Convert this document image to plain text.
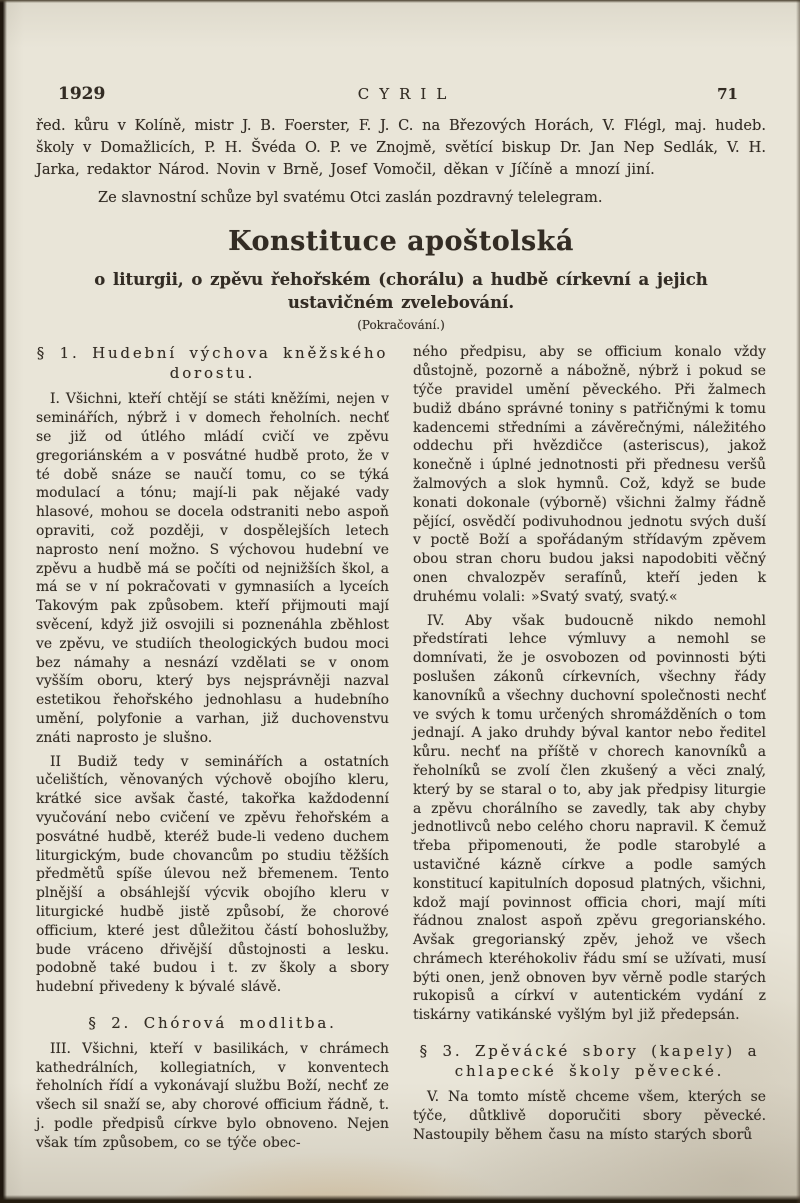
1929	CYRIL	71
řed. kůru v Kolíně, mistr J. B. Foerster, F. J. C. na Březových Horách, V. Flégl, maj. hudeb. školy v Domažlicích, P. H. Švéda O. P. ve Znojmě, světící biskup Dr. Jan Nep Sedlák, V. H. Jarka, redaktor Národ. Novin v Brně, Josef Vomočil, děkan v Jíčíně a mnozí jiní.
Ze slavnostní schůze byl svatému Otci zaslán pozdravný telelegram.
Konstituce apoštolská
o liturgii, o zpěvu řehořském (chorálu) a hudbě církevní a jejich
ustavičném zvelebování.
(Pokračování.)
§ 1. Hudební výchova kněžského
dorostu.

I. Všichni, kteří chtějí se státi kněžími, nejen v seminářích, nýbrž i v domech řeholních. nechť se již od útlého mládí cvičí ve zpěvu gregoriánském a v posvátné hudbě proto, že v té době snáze se naučí tomu, co se týká modulací a tónu; mají-li pak nějaké vady hlasové, mohou se docela odstraniti nebo aspoň opraviti, což později, v dospělejších letech naprosto není možno. S výchovou hudební ve zpěvu a hudbě má se počíti od nejnižších škol, a má se v ní pokračovati v gymnasiích a lyceích Takovým pak způsobem. kteří přijmouti mají svěcení, když již osvojili si poznenáhla zběhlost ve zpěvu, ve studiích theologických budou moci bez námahy a nesnází vzdělati se v onom vyšším oboru, který bys nejsprávněji nazval estetikou řehořského jednohlasu a hudebního umění, polyfonie a varhan, již duchovenstvu znáti naprosto je slušno.

II Budiž tedy v seminářích a ostatních učelištích, věnovaných výchově obojího kleru, krátké sice avšak časté, takořka každodenní vyučování nebo cvičení ve zpěvu řehořském a posvátné hudbě, kteréž bude-li vedeno duchem liturgickým, bude chovancům po studiu těžších předmětů spíše úlevou než břemenem. Tento plnější a obsáhlejší výcvik obojího kleru v liturgické hudbě jistě způsobí, že chorové officium, které jest důležitou částí bohoslužby, bude vráceno dřivější důstojnosti a lesku. podobně také budou i t. zv školy a sbory hudební přivedeny k bývalé slávě.

§ 2. Chórová modlitba.

III. Všichni, kteří v basilikách, v chrámech kathedrálních, kollegiatních, v konventech řeholních řídí a vykonávají službu Boží, nechť ze všech sil snaží se, aby chorové officium řádně, t. j. podle předpisů církve bylo obnoveno. Nejen však tím způsobem, co se týče obec-

ného předpisu, aby se officium konalo vždy důstojně, pozorně a nábožně, nýbrž i pokud se týče pravidel umění pěveckého. Při žalmech budiž dbáno správné toniny s patřičnými k tomu kadencemi středními a závěrečnými, náležitého oddechu při hvězdičce (asteriscus), jakož konečně i úplné jednotnosti při přednesu veršů žalmových a slok hymnů. Což, když se bude konati dokonale (výborně) všichni žalmy řádně pějící, osvědčí podivuhodnou jednotu svých duší v poctě Boží a spořádaným střídavým zpěvem obou stran choru budou jaksi napodobiti věčný onen chvalozpěv serafínů, kteří jeden k druhému volali: »Svatý svatý, svatý.«

IV. Aby však budoucně nikdo nemohl předstírati lehce výmluvy a nemohl se domnívati, že je osvobozen od povinnosti býti poslušen zákonů církevních, všechny řády kanovníků a všechny duchovní společnosti nechť ve svých k tomu určených shromážděních o tom jednají. A jako druhdy býval kantor nebo ředitel kůru. nechť na příště v chorech kanovníků a řeholníků se zvolí člen zkušený a věci znalý, který by se staral o to, aby jak předpisy liturgie a zpěvu chorálního se zavedly, tak aby chyby jednotlivců nebo celého choru napravil. K čemuž třeba připomenouti, že podle starobylé a ustavičné kázně církve a podle samých konstitucí kapitulních doposud platných, všichni, kdož mají povinnost officia chori, mají míti řádnou znalost aspoň zpěvu gregorianského. Avšak gregorianský zpěv, jehož ve všech chrámech kteréhokoliv řádu smí se užívati, musí býti onen, jenž obnoven byv věrně podle starých rukopisů a církví v autentickém vydání z tiskárny vatikánské vyšlým byl již předepsán.

§ 3. Zpěvácké sbory (kapely) a
chlapecké školy pěvecké.

V. Na tomto místě chceme všem, kterých se týče, důtklivě doporučiti sbory pěvecké. Nastoupily během času na místo starých sborů
